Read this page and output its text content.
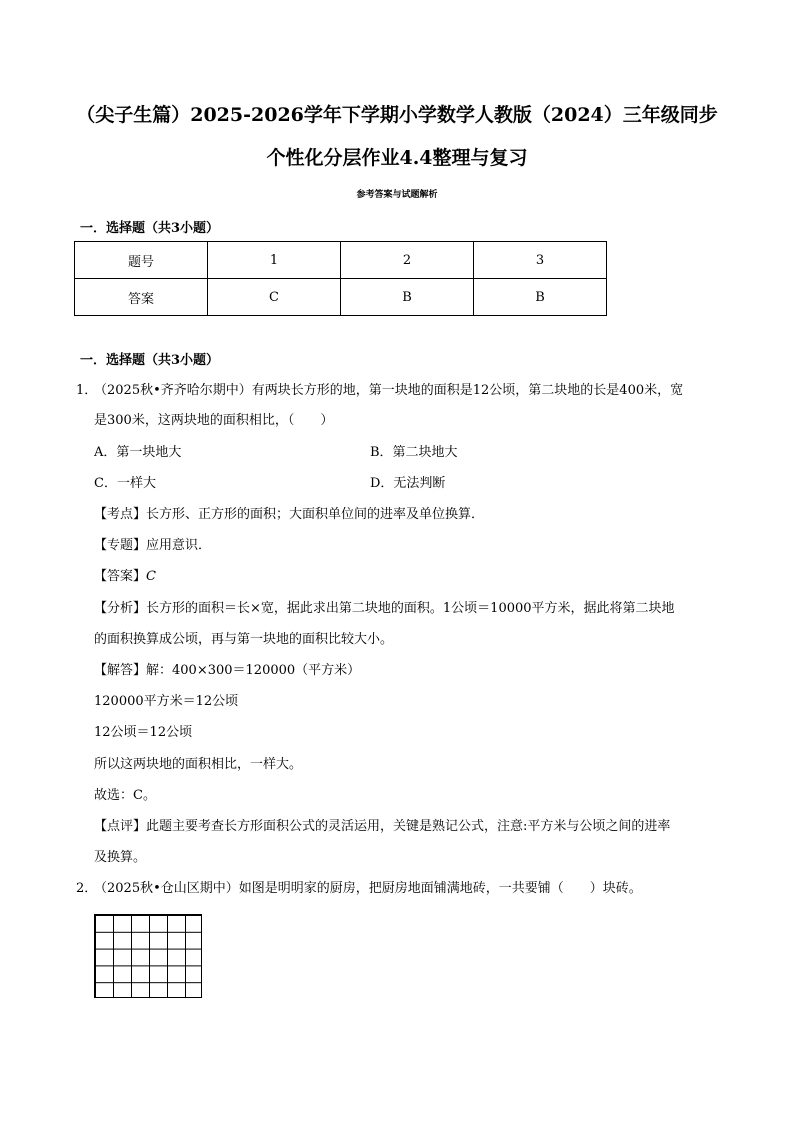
（尖子生篇）2025-2026学年下学期小学数学人教版（2024）三年级同步
个性化分层作业4.4整理与复习
参考答案与试题解析
一．选择题（共3小题）
题号	1	2	3
答案	C	B	B
一．选择题（共3小题）
1．
（2025秋•齐齐哈尔期中）有两块长方形的地，第一块地的面积是12公顷，第二块地的长是400米，宽
是300米，这两块地的面积相比，（　　）
A．第一块地大	B．第二块地大
C．一样大	D．无法判断
【考点】长方形、正方形的面积；大面积单位间的进率及单位换算．
【专题】应用意识．
【答案】C
【分析】长方形的面积＝长×宽，据此求出第二块地的面积。1公顷＝10000平方米，据此将第二块地
的面积换算成公顷，再与第一块地的面积比较大小。
【解答】解：400×300＝120000（平方米）
120000平方米＝12公顷
12公顷＝12公顷
所以这两块地的面积相比，一样大。
故选：C。
【点评】此题主要考查长方形面积公式的灵活运用，关键是熟记公式，注意:平方米与公顷之间的进率
及换算。
2．
（2025秋•仓山区期中）如图是明明家的厨房，把厨房地面铺满地砖，一共要铺（　　）块砖。
